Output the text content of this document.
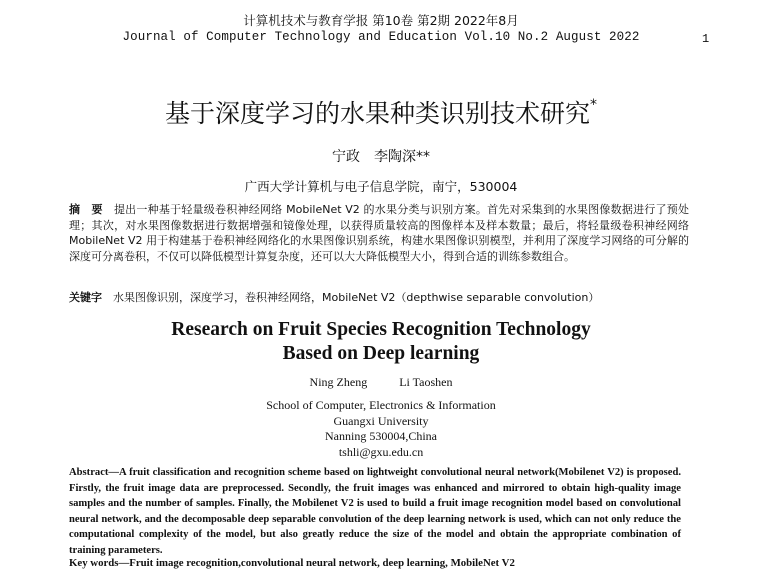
计算机技术与教育学报 第10卷 第2期 2022年8月
Journal of Computer Technology and Education Vol.10 No.2 August 2022	1
基于深度学习的水果种类识别技术研究*
宁政　李陶深**
广西大学计算机与电子信息学院，南宁，530004
摘　要　 提出一种基于轻量级卷积神经网络 MobileNet V2 的水果分类与识别方案。首先对采集到的水果图像数据进行了预处理；其次，对水果图像数据进行数据增强和镜像处理，以获得质量较高的图像样本及样本数量；最后，将轻量级卷积神经网络 MobileNet V2 用于构建基于卷积神经网络化的水果图像识别系统，构建水果图像识别模型，并利用了深度学习网络的可分解的深度可分离卷积，不仅可以降低模型计算复杂度，还可以大大降低模型大小，得到合适的训练参数组合。
关键字　 水果图像识别，深度学习，卷积神经网络，MobileNet V2（depthwise separable convolution）
Research on Fruit Species Recognition Technology
Based on Deep learning
Ning Zheng	Li Taoshen
School of Computer, Electronics & Information
Guangxi University
Nanning 530004,China
tshli@gxu.edu.cn
Abstract—A fruit classification and recognition scheme based on lightweight convolutional neural network(Mobilenet V2) is proposed. Firstly, the fruit image data are preprocessed. Secondly, the fruit images was enhanced and mirrored to obtain high-quality image samples and the number of samples. Finally, the Mobilenet V2 is used to build a fruit image recognition model based on convolutional neural network, and the decomposable deep separable convolution of the deep learning network is used, which can not only reduce the computational complexity of the model, but also greatly reduce the size of the model and obtain the appropriate combination of training parameters.
Key words—Fruit image recognition,convolutional neural network, deep learning, MobileNet V2
